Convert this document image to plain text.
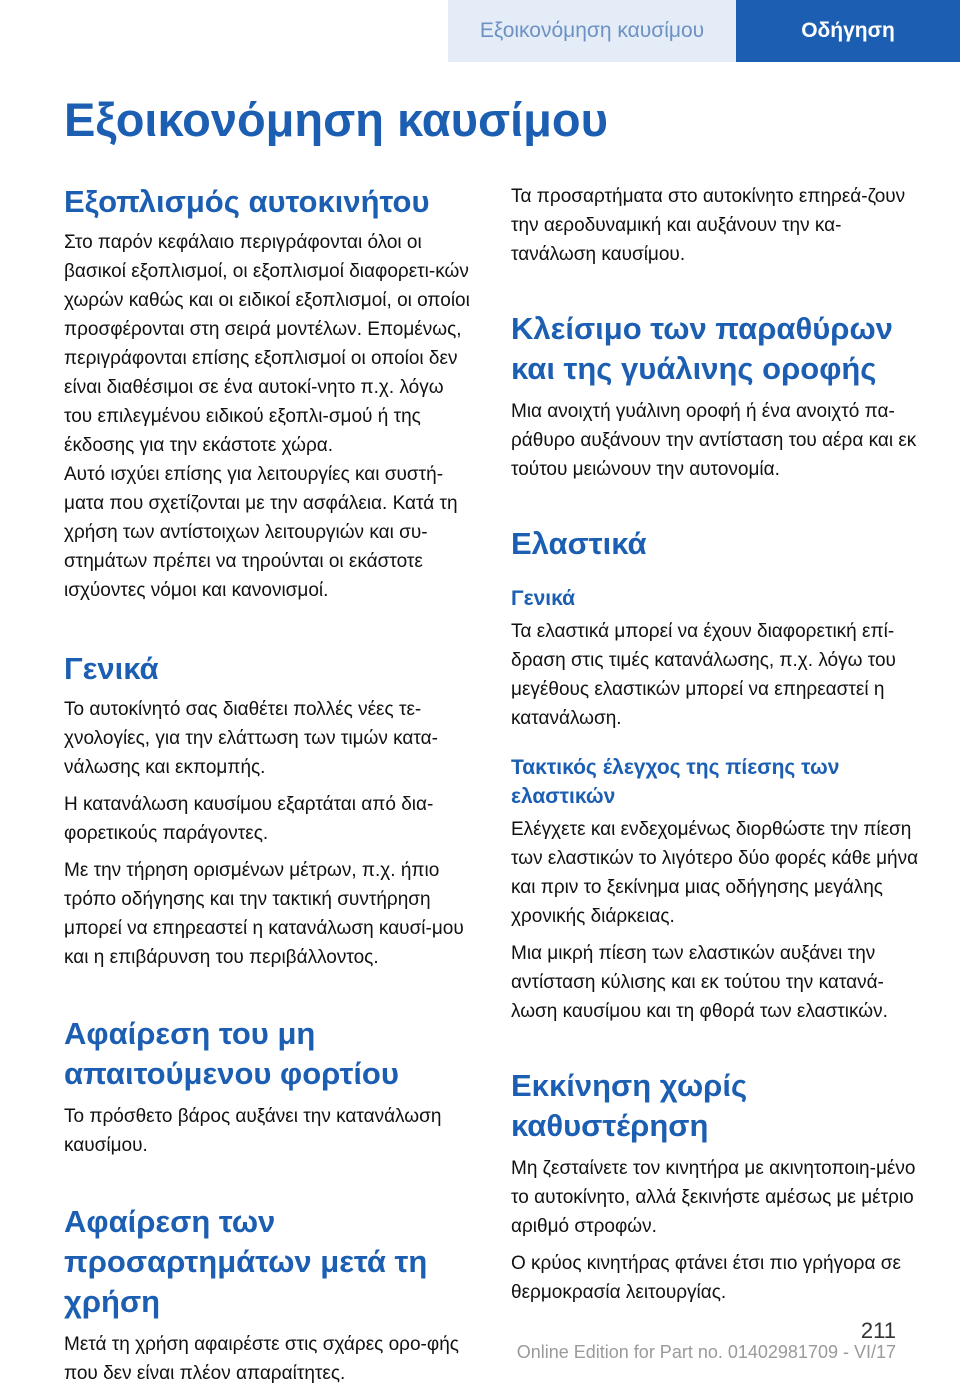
Εξοικονόμηση καυσίμου	Οδήγηση
Εξοικονόμηση καυσίμου
Εξοπλισμός αυτοκινήτου

Στο παρόν κεφάλαιο περιγράφονται όλοι οι βασικοί εξοπλισμοί, οι εξοπλισμοί διαφορετι-κών χωρών καθώς και οι ειδικοί εξοπλισμοί, οι οποίοι προσφέρονται στη σειρά μοντέλων. Επομένως, περιγράφονται επίσης εξοπλισμοί οι οποίοι δεν είναι διαθέσιμοι σε ένα αυτοκί-νητο π.χ. λόγω του επιλεγμένου ειδικού εξοπλι-σμού ή της έκδοσης για την εκάστοτε χώρα.

Αυτό ισχύει επίσης για λειτουργίες και συστή-ματα που σχετίζονται με την ασφάλεια. Κατά τη χρήση των αντίστοιχων λειτουργιών και συ-στημάτων πρέπει να τηρούνται οι εκάστοτε ισχύοντες νόμοι και κανονισμοί.

Γενικά

Το αυτοκίνητό σας διαθέτει πολλές νέες τε-χνολογίες, για την ελάττωση των τιμών κατα-νάλωσης και εκπομπής.

Η κατανάλωση καυσίμου εξαρτάται από δια-φορετικούς παράγοντες.

Με την τήρηση ορισμένων μέτρων, π.χ. ήπιο τρόπο οδήγησης και την τακτική συντήρηση μπορεί να επηρεαστεί η κατανάλωση καυσί-μου και η επιβάρυνση του περιβάλλοντος.

Αφαίρεση του μη απαιτούμενου φορτίου

Το πρόσθετο βάρος αυξάνει την κατανάλωση καυσίμου.

Αφαίρεση των προσαρτημάτων μετά τη χρήση

Μετά τη χρήση αφαιρέστε στις σχάρες ορο-φής που δεν είναι πλέον απαραίτητες.

Τα προσαρτήματα στο αυτοκίνητο επηρεά-ζουν την αεροδυναμική και αυξάνουν την κα-τανάλωση καυσίμου.

Κλείσιμο των παραθύρων και της γυάλινης οροφής

Μια ανοιχτή γυάλινη οροφή ή ένα ανοιχτό πα-ράθυρο αυξάνουν την αντίσταση του αέρα και εκ τούτου μειώνουν την αυτονομία.

Ελαστικά
Γενικά

Τα ελαστικά μπορεί να έχουν διαφορετική επί-δραση στις τιμές κατανάλωσης, π.χ. λόγω του μεγέθους ελαστικών μπορεί να επηρεαστεί η κατανάλωση.

Τακτικός έλεγχος της πίεσης των ελαστικών

Ελέγχετε και ενδεχομένως διορθώστε την πίεση των ελαστικών το λιγότερο δύο φορές κάθε μήνα και πριν το ξεκίνημα μιας οδήγησης μεγάλης χρονικής διάρκειας.

Μια μικρή πίεση των ελαστικών αυξάνει την αντίσταση κύλισης και εκ τούτου την κατανά-λωση καυσίμου και τη φθορά των ελαστικών.

Εκκίνηση χωρίς καθυστέρηση

Μη ζεσταίνετε τον κινητήρα με ακινητοποιη-μένο το αυτοκίνητο, αλλά ξεκινήστε αμέσως με μέτριο αριθμό στροφών.

Ο κρύος κινητήρας φτάνει έτσι πιο γρήγορα σε θερμοκρασία λειτουργίας.

211
Online Edition for Part no. 01402981709 - VI/17
